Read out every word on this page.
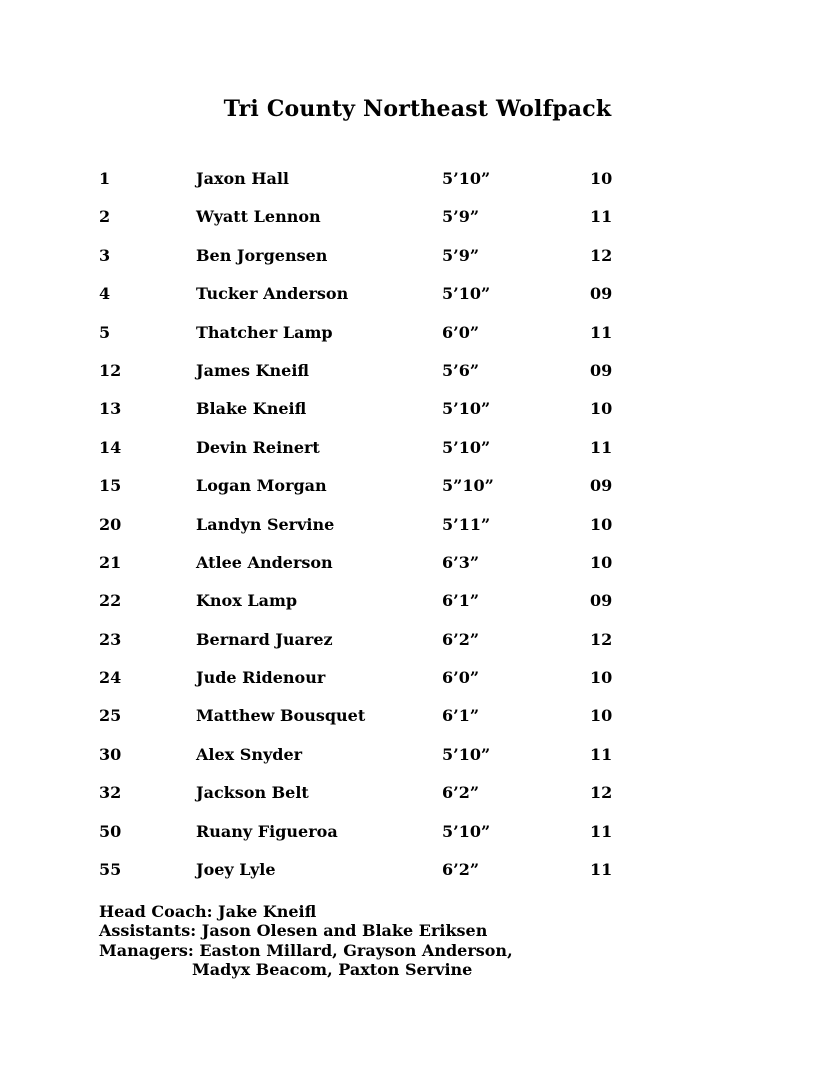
Tri County Northeast Wolfpack
1	Jaxon Hall	5’10”	10
2	Wyatt Lennon	5’9”	11
3	Ben Jorgensen	5’9”	12
4	Tucker Anderson	5’10”	09
5	Thatcher Lamp	6’0”	11
12	James Kneifl	5’6”	09
13	Blake Kneifl	5’10”	10
14	Devin Reinert	5’10”	11
15	Logan Morgan	5”10”	09
20	Landyn Servine	5’11”	10
21	Atlee Anderson	6’3”	10
22	Knox Lamp	6’1”	09
23	Bernard Juarez	6’2”	12
24	Jude Ridenour	6’0”	10
25	Matthew Bousquet	6’1”	10
30	Alex Snyder	5’10”	11
32	Jackson Belt	6’2”	12
50	Ruany Figueroa	5’10”	11
55	Joey Lyle	6’2”	11
Head Coach: Jake Kneifl
Assistants: Jason Olesen and Blake Eriksen
Managers: Easton Millard, Grayson Anderson,
Madyx Beacom, Paxton Servine
